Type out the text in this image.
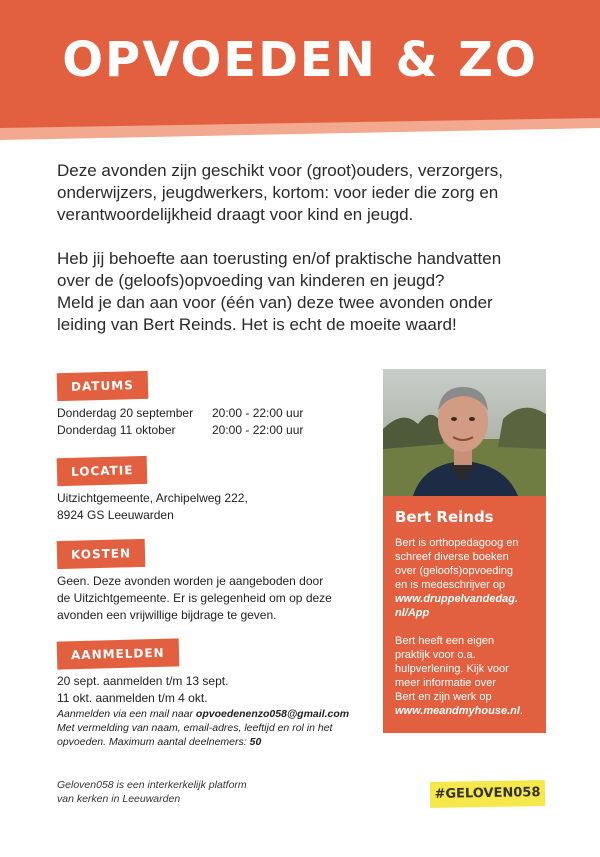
OPVOEDEN & ZO

Deze avonden zijn geschikt voor (groot)ouders, verzorgers,
onderwijzers, jeugdwerkers, kortom: voor ieder die zorg en
verantwoordelijkheid draagt voor kind en jeugd.

Heb jij behoefte aan toerusting en/of praktische handvatten
over de (geloofs)opvoeding van kinderen en jeugd?
Meld je dan aan voor (één van) deze twee avonden onder
leiding van Bert Reinds. Het is echt de moeite waard!

DATUMS
Donderdag 20 september	20:00 - 22:00 uur
Donderdag 11 oktober	20:00 - 22:00 uur
LOCATIE
Uitzichtgemeente, Archipelweg 222,
8924 GS Leeuwarden
KOSTEN
Geen. Deze avonden worden je aangeboden door
de Uitzichtgemeente. Er is gelegenheid om op deze
avonden een vrijwillige bijdrage te geven.
AANMELDEN
20 sept. aanmelden t/m 13 sept.
11 okt. aanmelden t/m 4 okt.
Aanmelden via een mail naar opvoedenenzo058@gmail.com
Met vermelding van naam, email-adres, leeftijd en rol in het
opvoeden. Maximum aantal deelnemers: 50
Bert Reinds

Bert is orthopedagoog en
schreef diverse boeken
over (geloofs)opvoeding
en is medeschrijver op
www.druppelvandedag.
nl/App

Bert heeft een eigen
praktijk voor o.a.
hulpverlening. Kijk voor
meer informatie over
Bert en zijn werk op
www.meandmyhouse.nl.

Geloven058 is een interkerkelijk platform
van kerken in Leeuwarden	#GELOVEN058
